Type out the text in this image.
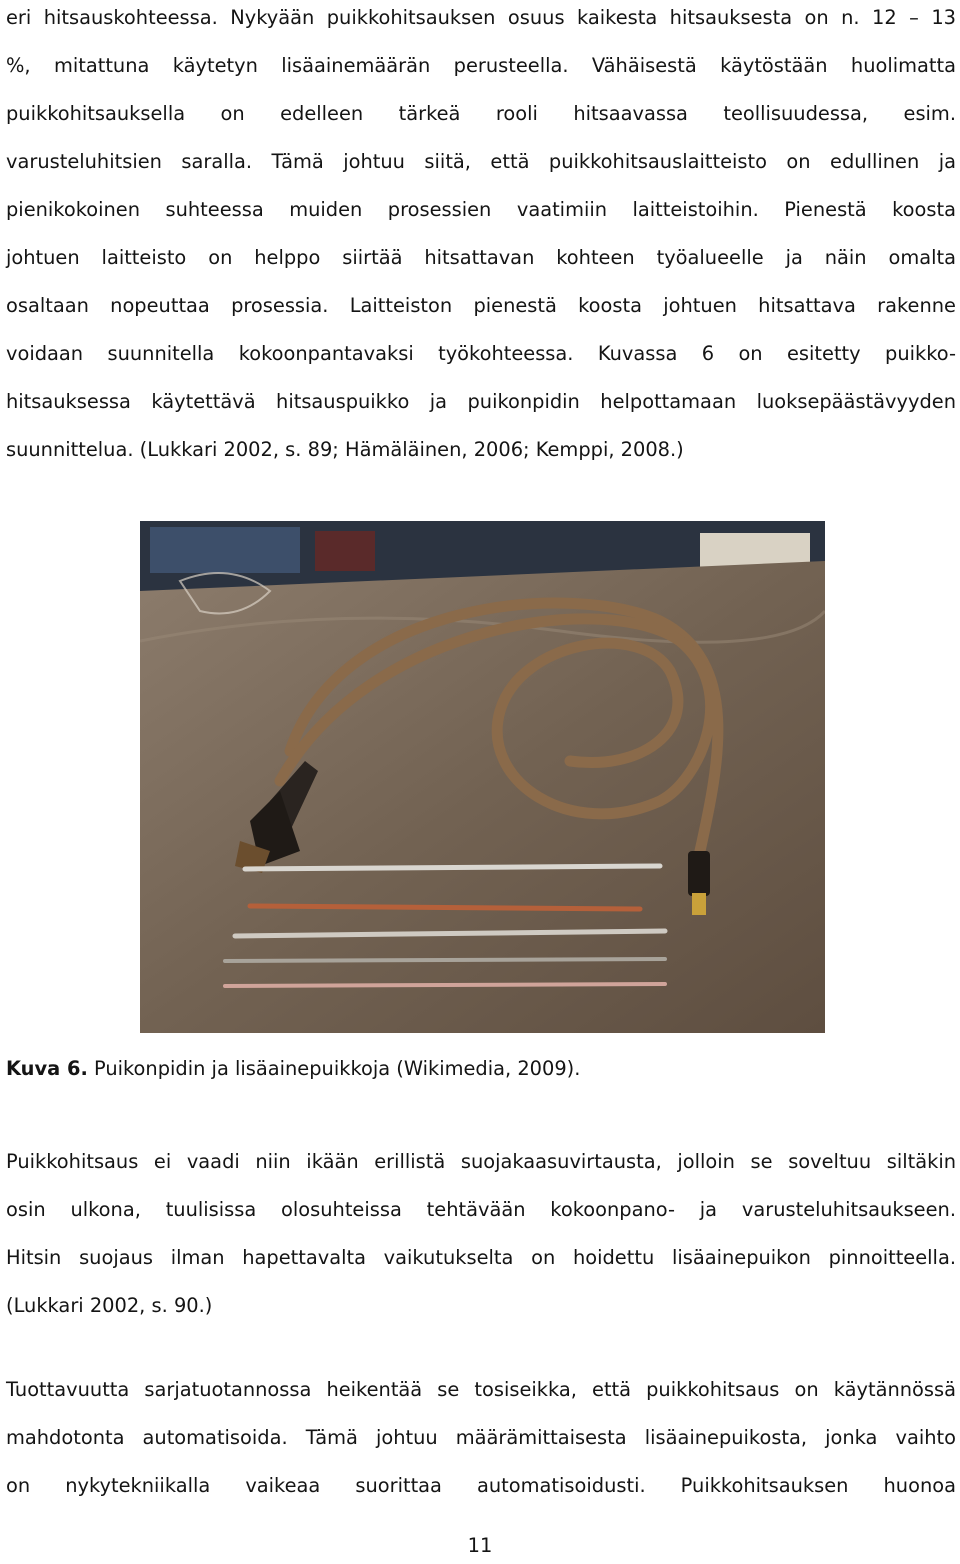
eri hitsauskohteessa. Nykyään puikkohitsauksen osuus kaikesta hitsauksesta on n. 12 – 13
%, mitattuna käytetyn lisäainemäärän perusteella. Vähäisestä käytöstään huolimatta
puikkohitsauksella on edelleen tärkeä rooli hitsaavassa teollisuudessa, esim.
varusteluhitsien saralla. Tämä johtuu siitä, että puikkohitsauslaitteisto on edullinen ja
pienikokoinen suhteessa muiden prosessien vaatimiin laitteistoihin. Pienestä koosta
johtuen laitteisto on helppo siirtää hitsattavan kohteen työalueelle ja näin omalta
osaltaan nopeuttaa prosessia. Laitteiston pienestä koosta johtuen hitsattava rakenne
voidaan suunnitella kokoonpantavaksi työkohteessa. Kuvassa 6 on esitetty puikko-
hitsauksessa käytettävä hitsauspuikko ja puikonpidin helpottamaan luoksepäästävyyden
suunnittelua. (Lukkari 2002, s. 89; Hämäläinen, 2006; Kemppi, 2008.)
Kuva 6. Puikonpidin ja lisäainepuikkoja (Wikimedia, 2009).
Puikkohitsaus ei vaadi niin ikään erillistä suojakaasuvirtausta, jolloin se soveltuu siltäkin
osin ulkona, tuulisissa olosuhteissa tehtävään kokoonpano- ja varusteluhitsaukseen.
Hitsin suojaus ilman hapettavalta vaikutukselta on hoidettu lisäainepuikon pinnoitteella.
(Lukkari 2002, s. 90.)
Tuottavuutta sarjatuotannossa heikentää se tosiseikka, että puikkohitsaus on käytännössä
mahdotonta automatisoida. Tämä johtuu määrämittaisesta lisäainepuikosta, jonka vaihto
on nykytekniikalla vaikeaa suorittaa automatisoidusti. Puikkohitsauksen huonoa
11
